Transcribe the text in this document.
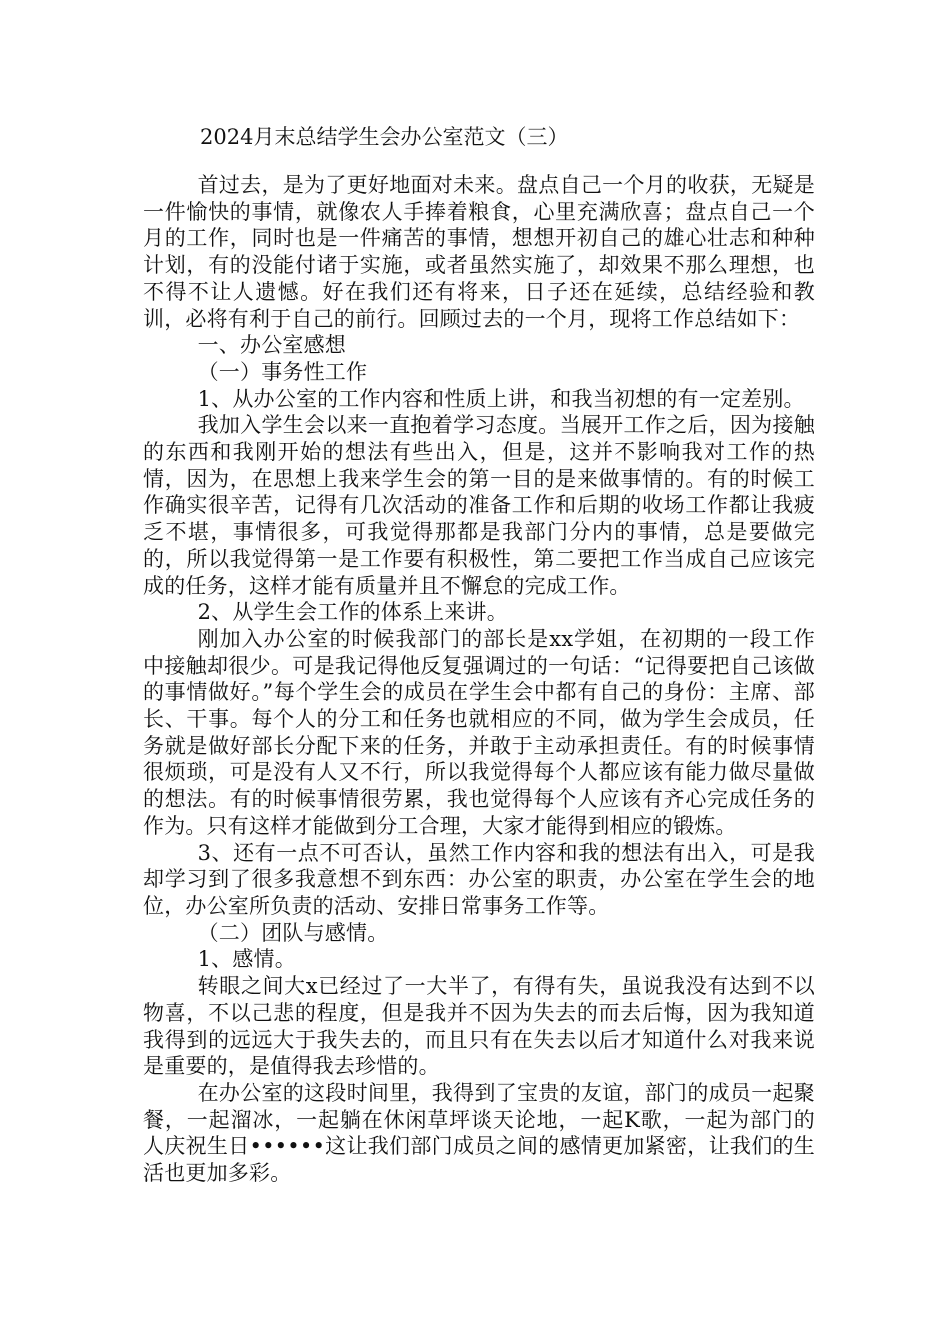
2024月末总结学生会办公室范文（三）

首过去，是为了更好地面对未来。盘点自己一个月的收获，无疑是一件愉快的事情，就像农人手捧着粮食，心里充满欣喜；盘点自己一个月的工作，同时也是一件痛苦的事情，想想开初自己的雄心壮志和种种计划，有的没能付诸于实施，或者虽然实施了，却效果不那么理想，也不得不让人遗憾。好在我们还有将来，日子还在延续，总结经验和教训，必将有利于自己的前行。回顾过去的一个月，现将工作总结如下：

一、办公室感想

（一）事务性工作

1、从办公室的工作内容和性质上讲，和我当初想的有一定差别。

我加入学生会以来一直抱着学习态度。当展开工作之后，因为接触的东西和我刚开始的想法有些出入，但是，这并不影响我对工作的热情，因为，在思想上我来学生会的第一目的是来做事情的。有的时候工作确实很辛苦，记得有几次活动的准备工作和后期的收场工作都让我疲乏不堪，事情很多，可我觉得那都是我部门分内的事情，总是要做完的，所以我觉得第一是工作要有积极性，第二要把工作当成自己应该完成的任务，这样才能有质量并且不懈怠的完成工作。

2、从学生会工作的体系上来讲。

刚加入办公室的时候我部门的部长是xx学姐，在初期的一段工作中接触却很少。可是我记得他反复强调过的一句话：“记得要把自己该做的事情做好。”每个学生会的成员在学生会中都有自己的身份：主席、部长、干事。每个人的分工和任务也就相应的不同，做为学生会成员，任务就是做好部长分配下来的任务，并敢于主动承担责任。有的时候事情很烦琐，可是没有人又不行，所以我觉得每个人都应该有能力做尽量做的想法。有的时候事情很劳累，我也觉得每个人应该有齐心完成任务的作为。只有这样才能做到分工合理，大家才能得到相应的锻炼。

3、还有一点不可否认，虽然工作内容和我的想法有出入，可是我却学习到了很多我意想不到东西：办公室的职责，办公室在学生会的地位，办公室所负责的活动、安排日常事务工作等。

（二）团队与感情。

1、感情。

转眼之间大x已经过了一大半了，有得有失，虽说我没有达到不以物喜，不以己悲的程度，但是我并不因为失去的而去后悔，因为我知道我得到的远远大于我失去的，而且只有在失去以后才知道什么对我来说是重要的，是值得我去珍惜的。

在办公室的这段时间里，我得到了宝贵的友谊，部门的成员一起聚餐，一起溜冰，一起躺在休闲草坪谈天论地，一起K歌，一起为部门的人庆祝生日••••••这让我们部门成员之间的感情更加紧密，让我们的生活也更加多彩。
